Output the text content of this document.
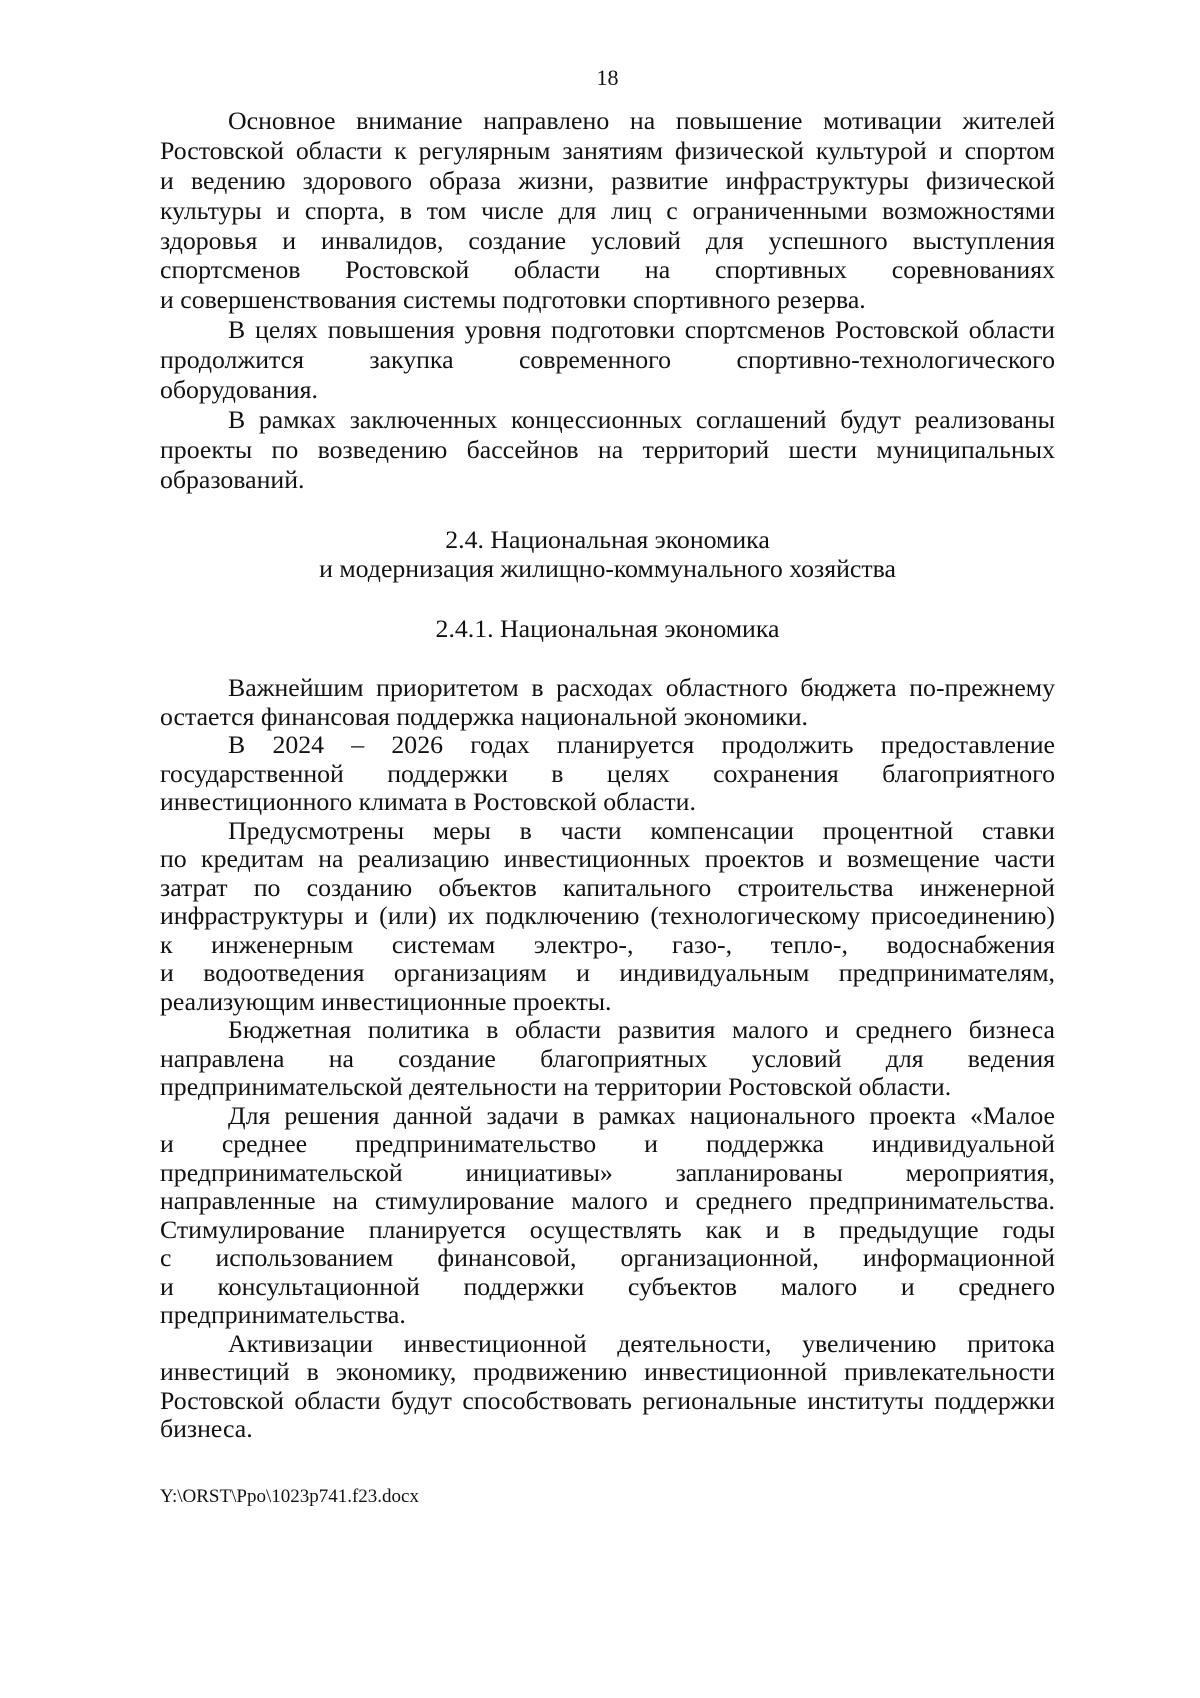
18
Основное внимание направлено на повышение мотивации жителей
Ростовской области к регулярным занятиям физической культурой и спортом
и ведению здорового образа жизни, развитие инфраструктуры физической
культуры и спорта, в том числе для лиц с ограниченными возможностями
здоровья и инвалидов, создание условий для успешного выступления
спортсменов Ростовской области на спортивных соревнованиях
и совершенствования системы подготовки спортивного резерва.
В целях повышения уровня подготовки спортсменов Ростовской области
продолжится закупка современного спортивно-технологического
оборудования.
В рамках заключенных концессионных соглашений будут реализованы
проекты по возведению бассейнов на территорий шести муниципальных
образований.
2.4. Национальная экономика
и модернизация жилищно-коммунального хозяйства
2.4.1. Национальная экономика
Важнейшим приоритетом в расходах областного бюджета по-прежнему
остается финансовая поддержка национальной экономики.
В 2024 – 2026 годах планируется продолжить предоставление
государственной поддержки в целях сохранения благоприятного
инвестиционного климата в Ростовской области.
Предусмотрены меры в части компенсации процентной ставки
по кредитам на реализацию инвестиционных проектов и возмещение части
затрат по созданию объектов капитального строительства инженерной
инфраструктуры и (или) их подключению (технологическому присоединению)
к инженерным системам электро-, газо-, тепло-, водоснабжения
и водоотведения организациям и индивидуальным предпринимателям,
реализующим инвестиционные проекты.
Бюджетная политика в области развития малого и среднего бизнеса
направлена на создание благоприятных условий для ведения
предпринимательской деятельности на территории Ростовской области.
Для решения данной задачи в рамках национального проекта «Малое
и среднее предпринимательство и поддержка индивидуальной
предпринимательской инициативы» запланированы мероприятия,
направленные на стимулирование малого и среднего предпринимательства.
Стимулирование планируется осуществлять как и в предыдущие годы
с использованием финансовой, организационной, информационной
и консультационной поддержки субъектов малого и среднего
предпринимательства.
Активизации инвестиционной деятельности, увеличению притока
инвестиций в экономику, продвижению инвестиционной привлекательности
Ростовской области будут способствовать региональные институты поддержки
бизнеса.
Y:\ORST\Ppo\1023p741.f23.docx
